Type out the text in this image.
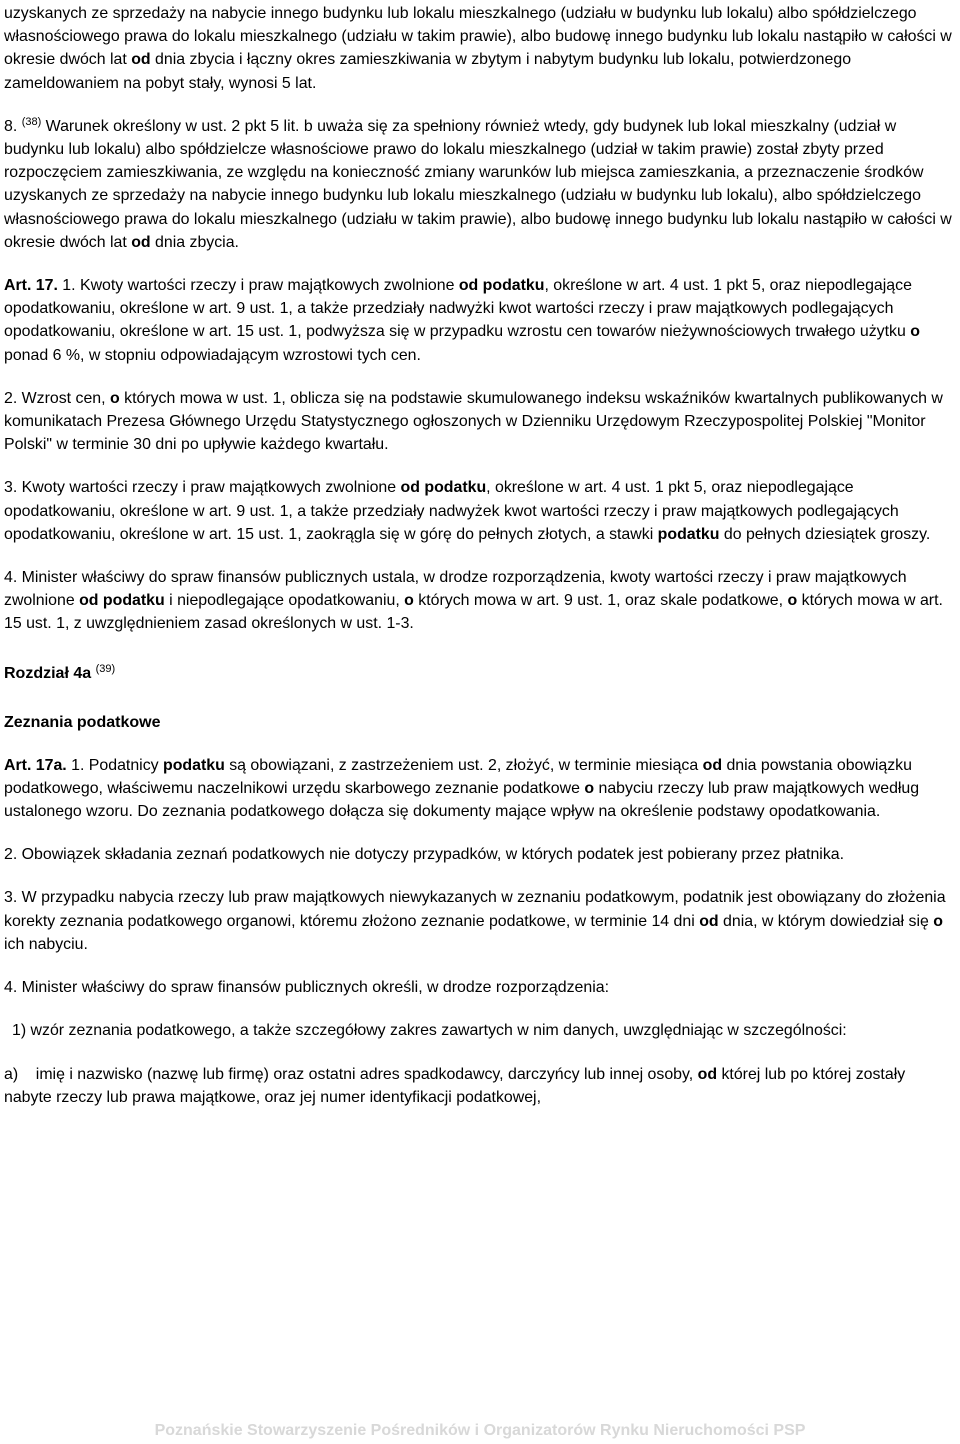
uzyskanych ze sprzedaży na nabycie innego budynku lub lokalu mieszkalnego (udziału w budynku lub lokalu) albo spółdzielczego własnościowego prawa do lokalu mieszkalnego (udziału w takim prawie), albo budowę innego budynku lub lokalu nastąpiło w całości w okresie dwóch lat od dnia zbycia i łączny okres zamieszkiwania w zbytym i nabytym budynku lub lokalu, potwierdzonego zameldowaniem na pobyt stały, wynosi 5 lat.

8. $^{(38)}$ Warunek określony w ust. 2 pkt 5 lit. b uważa się za spełniony również wtedy, gdy budynek lub lokal mieszkalny (udział w budynku lub lokalu) albo spółdzielcze własnościowe prawo do lokalu mieszkalnego (udział w takim prawie) został zbyty przed rozpoczęciem zamieszkiwania, ze względu na konieczność zmiany warunków lub miejsca zamieszkania, a przeznaczenie środków uzyskanych ze sprzedaży na nabycie innego budynku lub lokalu mieszkalnego (udziału w budynku lub lokalu), albo spółdzielczego własnościowego prawa do lokalu mieszkalnego (udziału w takim prawie), albo budowę innego budynku lub lokalu nastąpiło w całości w okresie dwóch lat od dnia zbycia.

Art. 17. 1. Kwoty wartości rzeczy i praw majątkowych zwolnione od podatku, określone w art. 4 ust. 1 pkt 5, oraz niepodlegające opodatkowaniu, określone w art. 9 ust. 1, a także przedziały nadwyżki kwot wartości rzeczy i praw majątkowych podlegających opodatkowaniu, określone w art. 15 ust. 1, podwyższa się w przypadku wzrostu cen towarów nieżywnościowych trwałego użytku o ponad 6 %, w stopniu odpowiadającym wzrostowi tych cen.

2. Wzrost cen, o których mowa w ust. 1, oblicza się na podstawie skumulowanego indeksu wskaźników kwartalnych publikowanych w komunikatach Prezesa Głównego Urzędu Statystycznego ogłoszonych w Dzienniku Urzędowym Rzeczypospolitej Polskiej "Monitor Polski" w terminie 30 dni po upływie każdego kwartału.

3. Kwoty wartości rzeczy i praw majątkowych zwolnione od podatku, określone w art. 4 ust. 1 pkt 5, oraz niepodlegające opodatkowaniu, określone w art. 9 ust. 1, a także przedziały nadwyżek kwot wartości rzeczy i praw majątkowych podlegających opodatkowaniu, określone w art. 15 ust. 1, zaokrągla się w górę do pełnych złotych, a stawki podatku do pełnych dziesiątek groszy.

4. Minister właściwy do spraw finansów publicznych ustala, w drodze rozporządzenia, kwoty wartości rzeczy i praw majątkowych zwolnione od podatku i niepodlegające opodatkowaniu, o których mowa w art. 9 ust. 1, oraz skale podatkowe, o których mowa w art. 15 ust. 1, z uwzględnieniem zasad określonych w ust. 1-3.

Rozdział 4a $^{(39)}$

Zeznania podatkowe

Art. 17a. 1. Podatnicy podatku są obowiązani, z zastrzeżeniem ust. 2, złożyć, w terminie miesiąca od dnia powstania obowiązku podatkowego, właściwemu naczelnikowi urzędu skarbowego zeznanie podatkowe o nabyciu rzeczy lub praw majątkowych według ustalonego wzoru. Do zeznania podatkowego dołącza się dokumenty mające wpływ na określenie podstawy opodatkowania.

2. Obowiązek składania zeznań podatkowych nie dotyczy przypadków, w których podatek jest pobierany przez płatnika.

3. W przypadku nabycia rzeczy lub praw majątkowych niewykazanych w zeznaniu podatkowym, podatnik jest obowiązany do złożenia korekty zeznania podatkowego organowi, któremu złożono zeznanie podatkowe, w terminie 14 dni od dnia, w którym dowiedział się o ich nabyciu.

4. Minister właściwy do spraw finansów publicznych określi, w drodze rozporządzenia:

1) wzór zeznania podatkowego, a także szczegółowy zakres zawartych w nim danych, uwzględniając w szczególności:

a)    imię i nazwisko (nazwę lub firmę) oraz ostatni adres spadkodawcy, darczyńcy lub innej osoby, od której lub po której zostały nabyte rzeczy lub prawa majątkowe, oraz jej numer identyfikacji podatkowej,

Poznańskie Stowarzyszenie Pośredników i Organizatorów Rynku Nieruchomości PSP
